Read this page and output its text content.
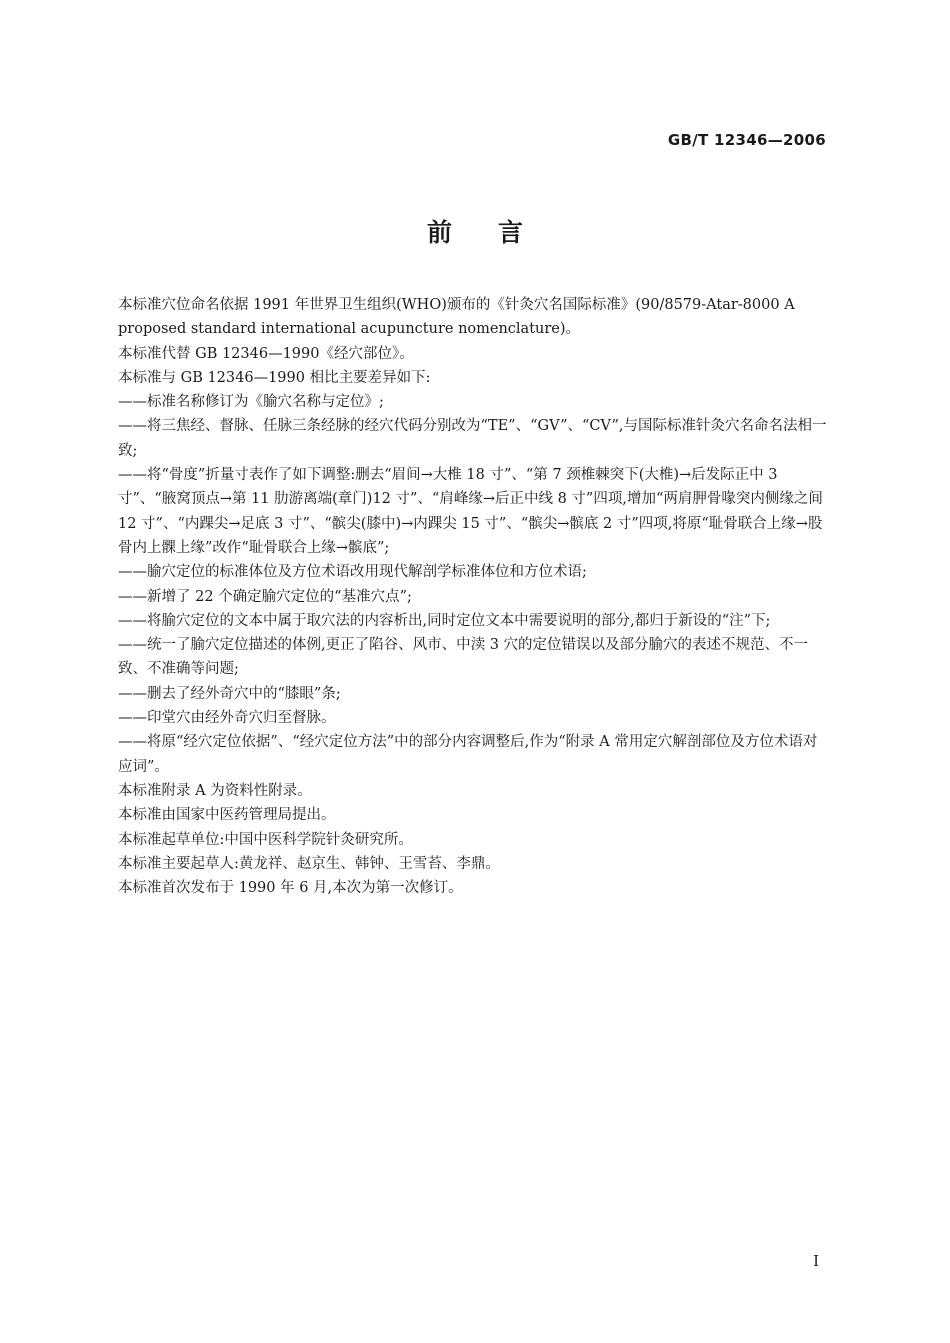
GB/T 12346—2006
前 言
本标准穴位命名依据 1991 年世界卫生组织(WHO)颁布的《针灸穴名国际标准》(90/8579-Atar-8000 A proposed standard international acupuncture nomenclature)。
本标准代替 GB 12346—1990《经穴部位》。
本标准与 GB 12346—1990 相比主要差异如下:
——标准名称修订为《腧穴名称与定位》;
——将三焦经、督脉、任脉三条经脉的经穴代码分别改为“TE”、“GV”、“CV”,与国际标准针灸穴名命名法相一致;
——将“骨度”折量寸表作了如下调整:删去“眉间→大椎 18 寸”、“第 7 颈椎棘突下(大椎)→后发际正中 3 寸”、“腋窝顶点→第 11 肋游离端(章门)12 寸”、“肩峰缘→后正中线 8 寸”四项,增加“两肩胛骨喙突内侧缘之间 12 寸”、“内踝尖→足底 3 寸”、“髌尖(膝中)→内踝尖 15 寸”、“髌尖→髌底 2 寸”四项,将原“耻骨联合上缘→股骨内上髁上缘”改作“耻骨联合上缘→髌底”;
——腧穴定位的标准体位及方位术语改用现代解剖学标准体位和方位术语;
——新增了 22 个确定腧穴定位的“基准穴点”;
——将腧穴定位的文本中属于取穴法的内容析出,同时定位文本中需要说明的部分,都归于新设的“注”下;
——统一了腧穴定位描述的体例,更正了陷谷、风市、中渎 3 穴的定位错误以及部分腧穴的表述不规范、不一致、不准确等问题;
——删去了经外奇穴中的“膝眼”条;
——印堂穴由经外奇穴归至督脉。
——将原“经穴定位依据”、“经穴定位方法”中的部分内容调整后,作为“附录 A 常用定穴解剖部位及方位术语对应词”。
本标准附录 A 为资料性附录。
本标准由国家中医药管理局提出。
本标准起草单位:中国中医科学院针灸研究所。
本标准主要起草人:黄龙祥、赵京生、韩钟、王雪苔、李鼎。
本标准首次发布于 1990 年 6 月,本次为第一次修订。
I
